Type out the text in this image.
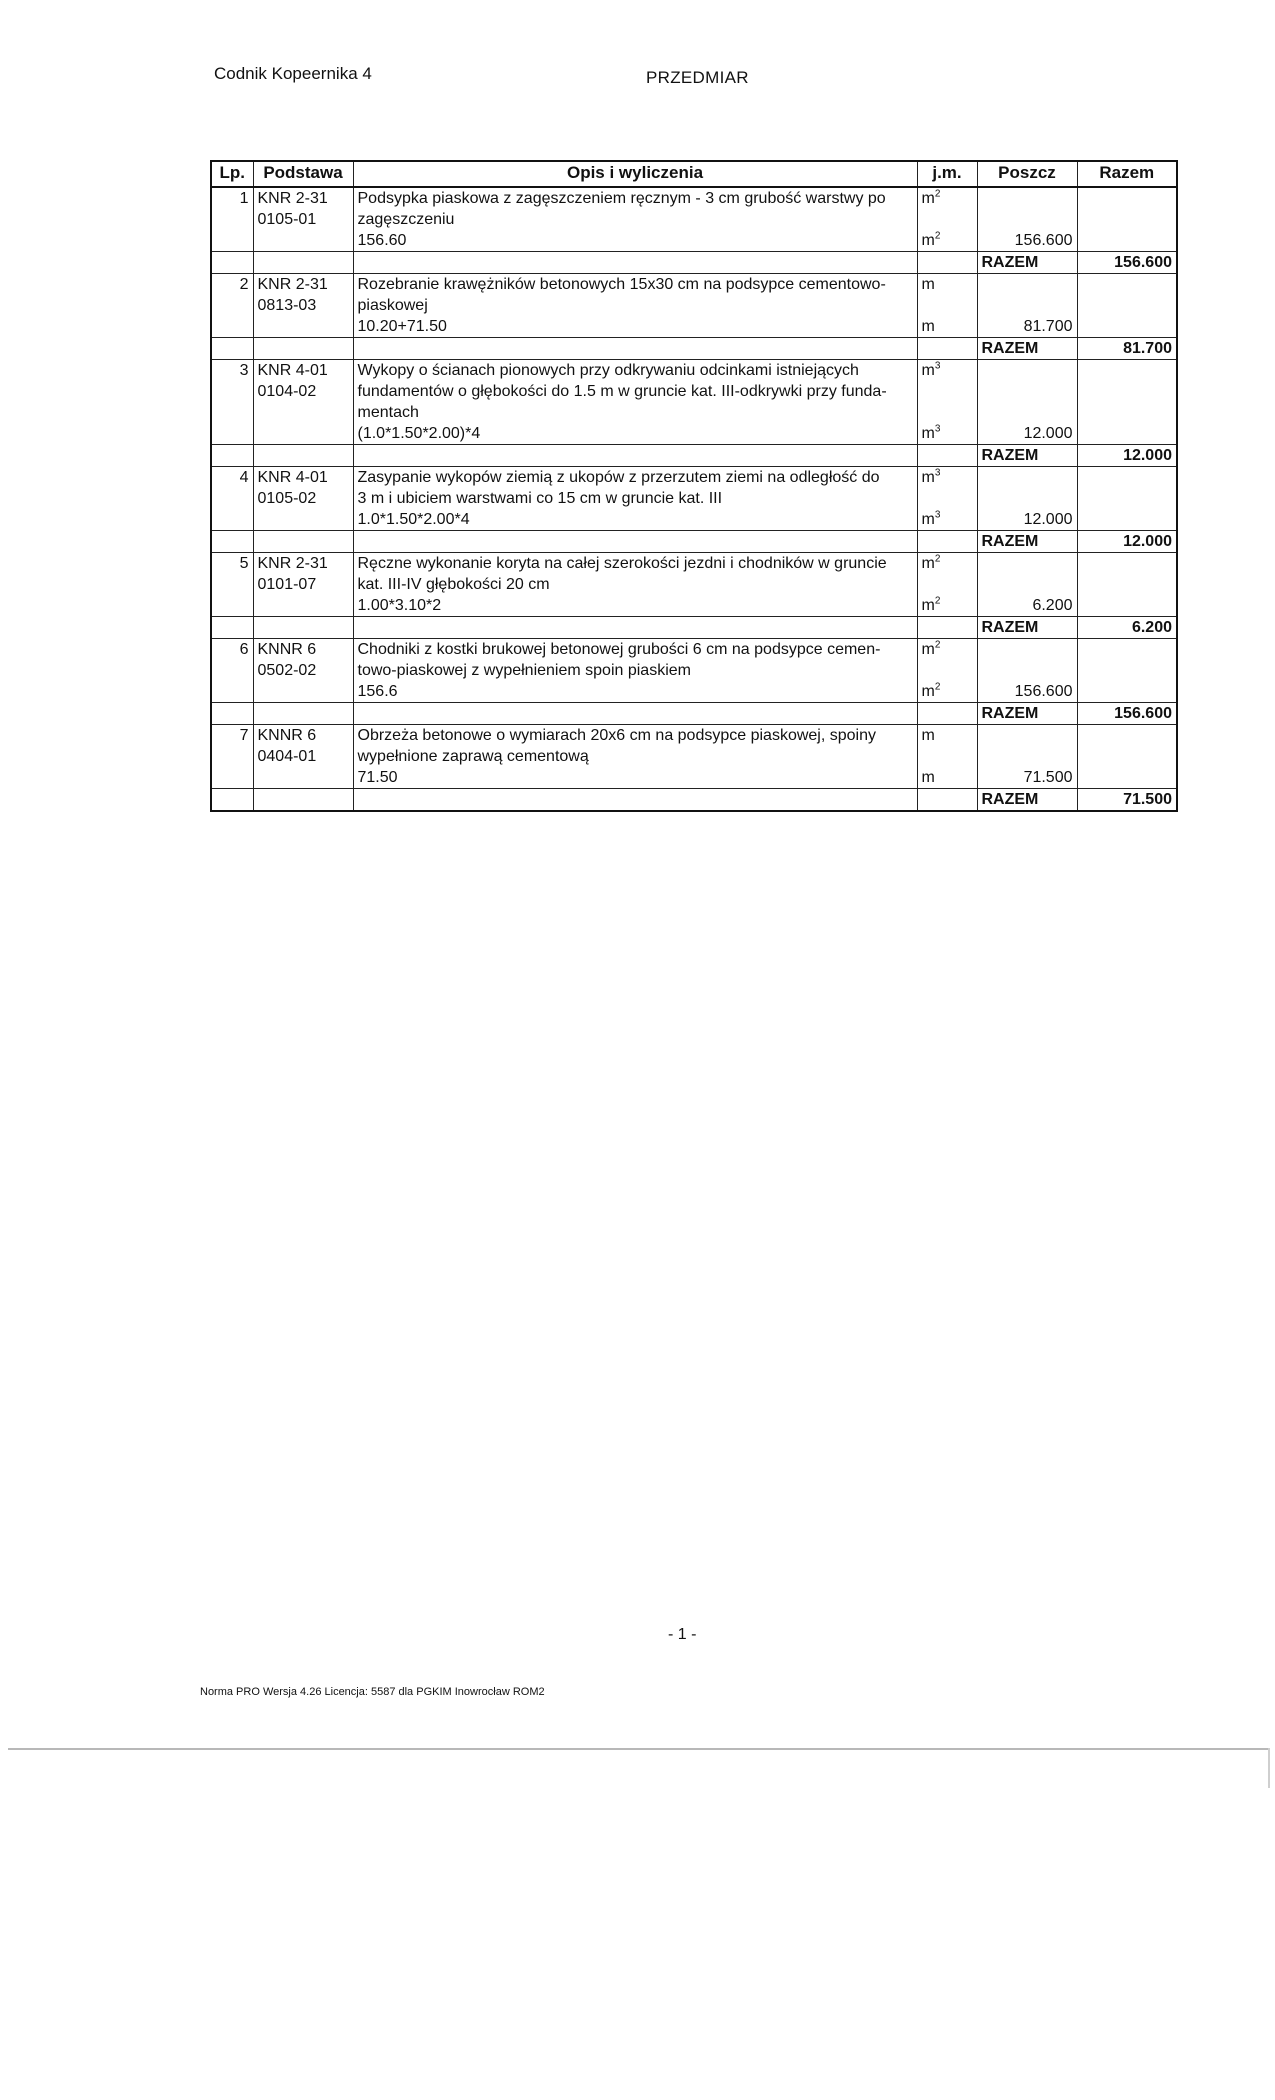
Codnik Kopeernika 4	PRZEDMIAR
Lp.	Podstawa	Opis i wyliczenia	j.m.	Poszcz	Razem
1	KNR 2-31	Podsypka piaskowa z zagęszczeniem ręcznym - 3 cm grubość warstwy po	$m^2$		
	0105-01	zagęszczeniu			
		156.60	$m^2$	156.600	
				RAZEM	156.600
2	KNR 2-31	Rozebranie krawężników betonowych 15x30 cm na podsypce cementowo-	m		
	0813-03	piaskowej			
		10.20+71.50	m	81.700	
				RAZEM	81.700
3	KNR 4-01	Wykopy o ścianach pionowych przy odkrywaniu odcinkami istniejących	$m^3$		
	0104-02	fundamentów o głębokości do 1.5 m w gruncie kat. III-odkrywki przy funda-			
		mentach			
		(1.0*1.50*2.00)*4	$m^3$	12.000	
				RAZEM	12.000
4	KNR 4-01	Zasypanie wykopów ziemią z ukopów z przerzutem ziemi na odległość do	$m^3$		
	0105-02	3 m i ubiciem warstwami co 15 cm w gruncie kat. III			
		1.0*1.50*2.00*4	$m^3$	12.000	
				RAZEM	12.000
5	KNR 2-31	Ręczne wykonanie koryta na całej szerokości jezdni i chodników w gruncie	$m^2$		
	0101-07	kat. III-IV głębokości 20 cm			
		1.00*3.10*2	$m^2$	6.200	
				RAZEM	6.200
6	KNNR 6	Chodniki z kostki brukowej betonowej grubości 6 cm na podsypce cemen-	$m^2$		
	0502-02	towo-piaskowej z wypełnieniem spoin piaskiem			
		156.6	$m^2$	156.600	
				RAZEM	156.600
7	KNNR 6	Obrzeża betonowe o wymiarach 20x6 cm na podsypce piaskowej, spoiny	m		
	0404-01	wypełnione zaprawą cementową			
		71.50	m	71.500	
				RAZEM	71.500
- 1 -
Norma PRO Wersja 4.26 Licencja: 5587 dla PGKIM Inowrocław ROM2
